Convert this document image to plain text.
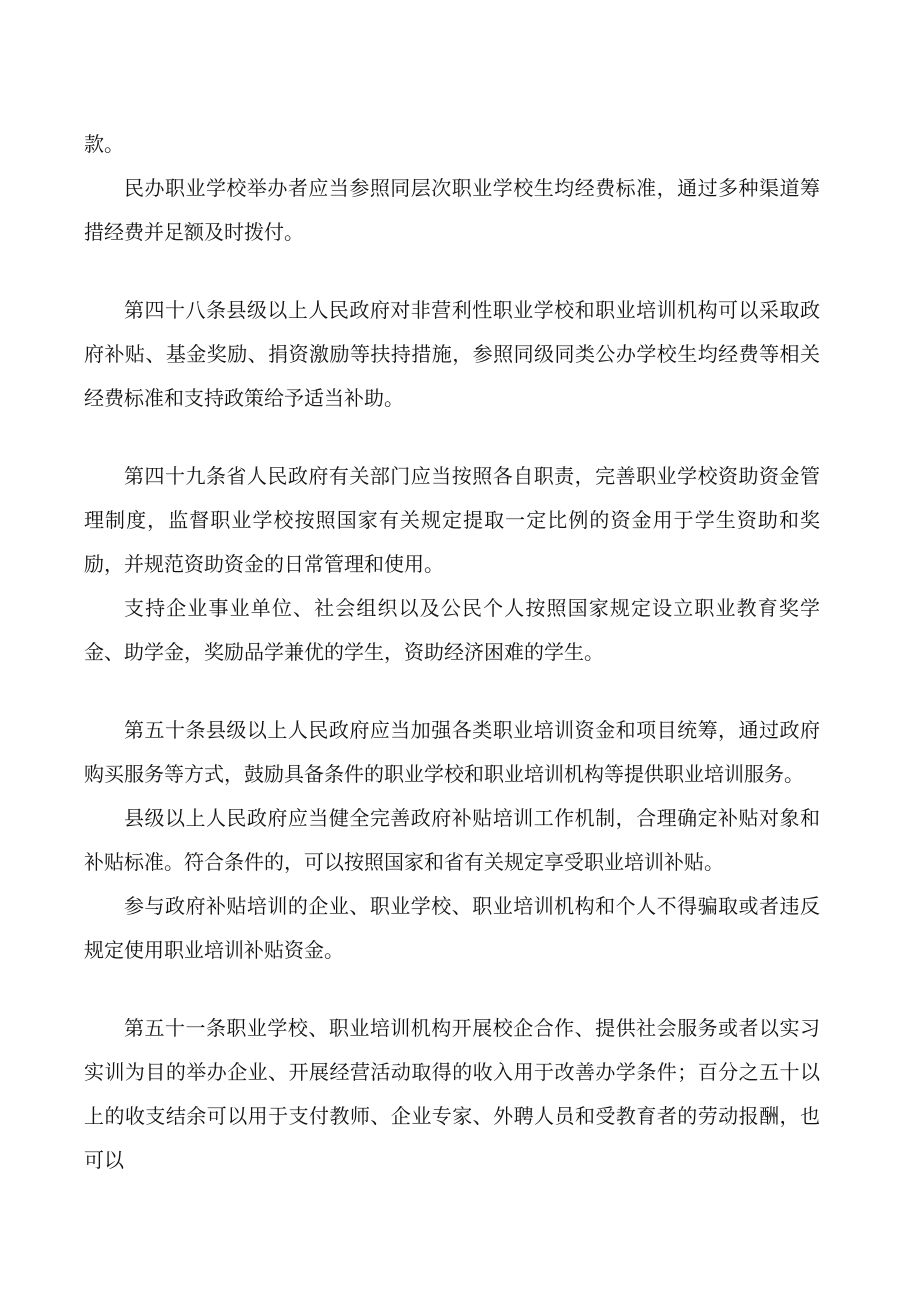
款。

民办职业学校举办者应当参照同层次职业学校生均经费标准，通过多种渠道筹措经费并足额及时拨付。

第四十八条县级以上人民政府对非营利性职业学校和职业培训机构可以采取政府补贴、基金奖励、捐资激励等扶持措施，参照同级同类公办学校生均经费等相关经费标准和支持政策给予适当补助。

第四十九条省人民政府有关部门应当按照各自职责，完善职业学校资助资金管理制度，监督职业学校按照国家有关规定提取一定比例的资金用于学生资助和奖励，并规范资助资金的日常管理和使用。

支持企业事业单位、社会组织以及公民个人按照国家规定设立职业教育奖学金、助学金，奖励品学兼优的学生，资助经济困难的学生。

第五十条县级以上人民政府应当加强各类职业培训资金和项目统筹，通过政府购买服务等方式，鼓励具备条件的职业学校和职业培训机构等提供职业培训服务。

县级以上人民政府应当健全完善政府补贴培训工作机制，合理确定补贴对象和补贴标准。符合条件的，可以按照国家和省有关规定享受职业培训补贴。

参与政府补贴培训的企业、职业学校、职业培训机构和个人不得骗取或者违反规定使用职业培训补贴资金。

第五十一条职业学校、职业培训机构开展校企合作、提供社会服务或者以实习实训为目的举办企业、开展经营活动取得的收入用于改善办学条件；百分之五十以上的收支结余可以用于支付教师、企业专家、外聘人员和受教育者的劳动报酬，也可以
